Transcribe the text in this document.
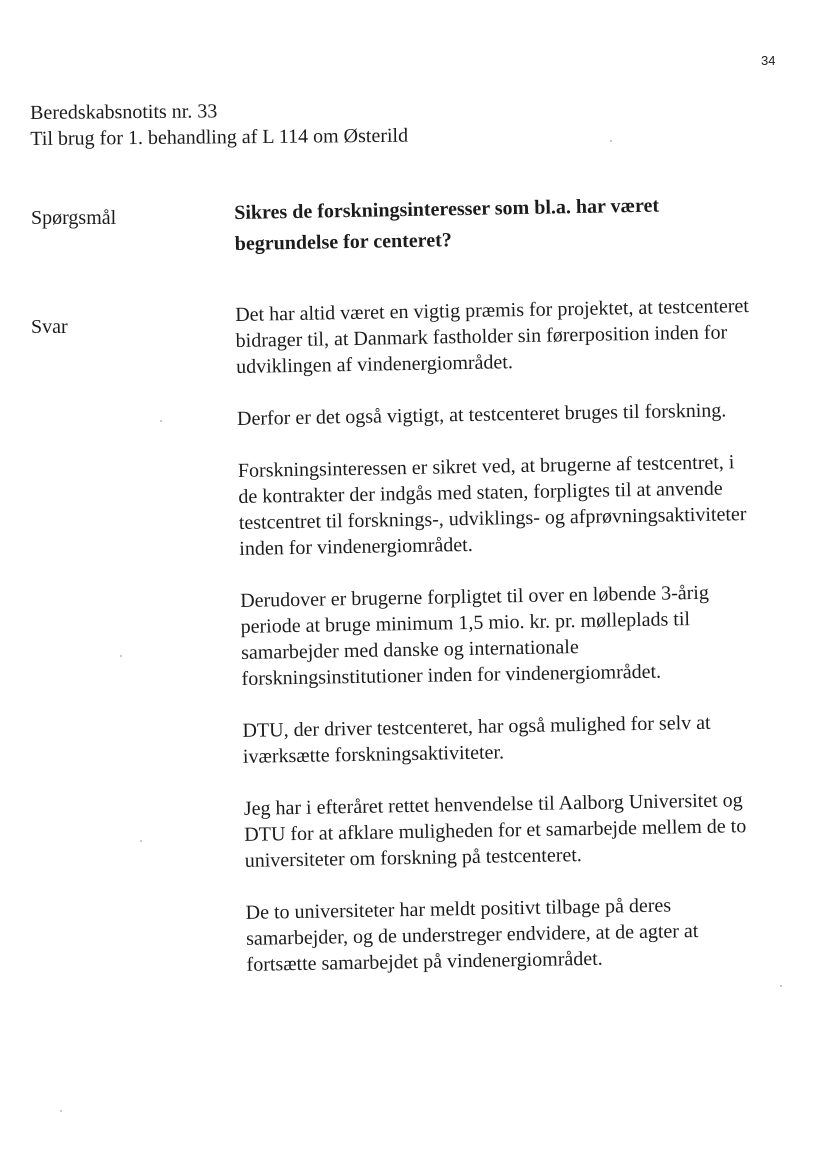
34
Beredskabsnotits nr. 33
Til brug for 1. behandling af L 114 om Østerild
Spørgsmål	Sikres de forskningsinteresser som bl.a. har været begrundelse for centeret?
Svar

Det har altid været en vigtig præmis for projektet, at testcenteret bidrager til, at Danmark fastholder sin førerposition inden for udviklingen af vindenergiområdet.

Derfor er det også vigtigt, at testcenteret bruges til forskning.

Forskningsinteressen er sikret ved, at brugerne af testcentret, i de kontrakter der indgås med staten, forpligtes til at anvende testcentret til forsknings-, udviklings- og afprøvningsaktiviteter inden for vindenergiområdet.

Derudover er brugerne forpligtet til over en løbende 3-årig periode at bruge minimum 1,5 mio. kr. pr. mølleplads til samarbejder med danske og internationale forskningsinstitutioner inden for vindenergiområdet.

DTU, der driver testcenteret, har også mulighed for selv at iværksætte forskningsaktiviteter.

Jeg har i efteråret rettet henvendelse til Aalborg Universitet og DTU for at afklare muligheden for et samarbejde mellem de to universiteter om forskning på testcenteret.

De to universiteter har meldt positivt tilbage på deres samarbejder, og de understreger endvidere, at de agter at fortsætte samarbejdet på vindenergiområdet.
